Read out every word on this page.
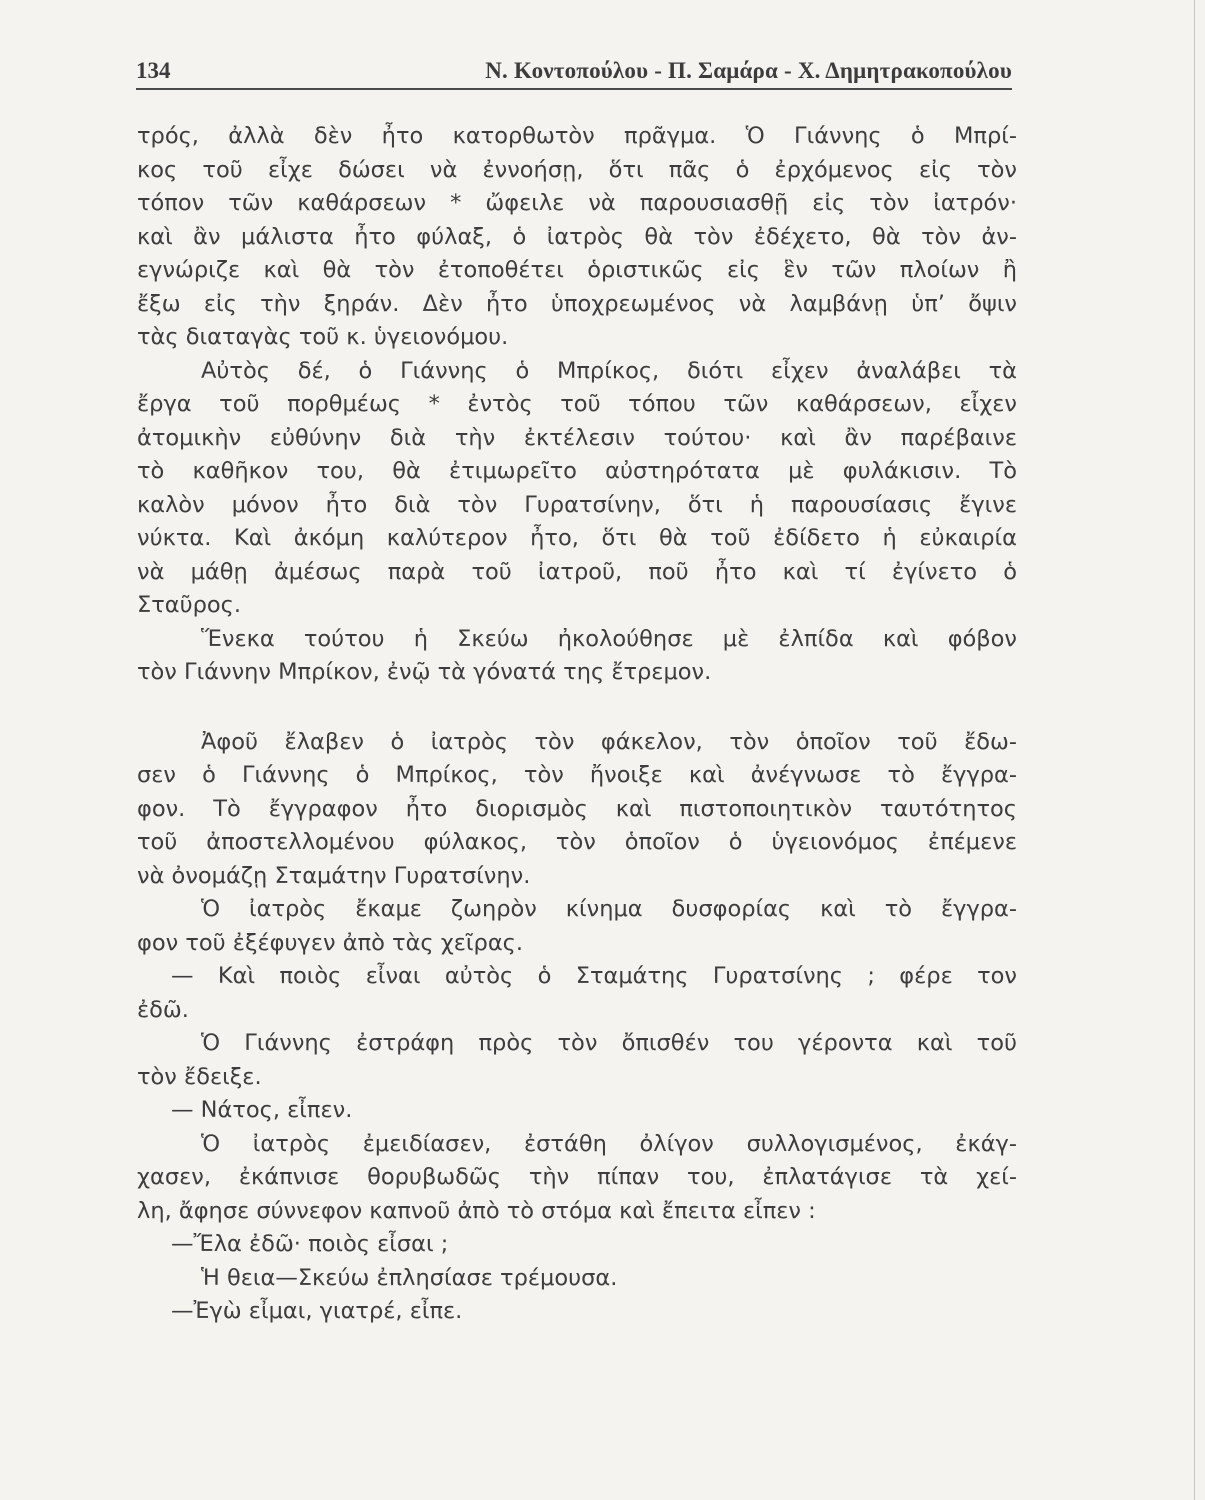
134	Ν. Κοντοπούλου - Π. Σαμάρα - Χ. Δημητρακοπούλου
τρός, ἀλλὰ δὲν ἦτο κατορθωτὸν πρᾶγμα. Ὁ Γιάννης ὁ Μπρί-
κος τοῦ εἶχε δώσει νὰ ἐννοήσῃ, ὅτι πᾶς ὁ ἐρχόμενος εἰς τὸν
τόπον τῶν καθάρσεων * ὤφειλε νὰ παρουσιασθῇ εἰς τὸν ἰατρόν·
καὶ ἂν μάλιστα ἦτο φύλαξ, ὁ ἰατρὸς θὰ τὸν ἐδέχετο, θὰ τὸν ἀν-
εγνώριζε καὶ θὰ τὸν ἐτοποθέτει ὁριστικῶς εἰς ἓν τῶν πλοίων ἢ
ἔξω εἰς τὴν ξηράν. Δὲν ἦτο ὑποχρεωμένος νὰ λαμβάνῃ ὑπ’ ὄψιν
τὰς διαταγὰς τοῦ κ. ὑγειονόμου.
Αὐτὸς δέ, ὁ Γιάννης ὁ Μπρίκος, διότι εἶχεν ἀναλάβει τὰ
ἔργα τοῦ πορθμέως * ἐντὸς τοῦ τόπου τῶν καθάρσεων, εἶχεν
ἀτομικὴν εὐθύνην διὰ τὴν ἐκτέλεσιν τούτου· καὶ ἂν παρέβαινε
τὸ καθῆκον του, θὰ ἐτιμωρεῖτο αὐστηρότατα μὲ φυλάκισιν. Τὸ
καλὸν μόνον ἦτο διὰ τὸν Γυρατσίνην, ὅτι ἡ παρουσίασις ἔγινε
νύκτα. Καὶ ἀκόμη καλύτερον ἦτο, ὅτι θὰ τοῦ ἐδίδετο ἡ εὐκαιρία
νὰ μάθῃ ἀμέσως παρὰ τοῦ ἰατροῦ, ποῦ ἦτο καὶ τί ἐγίνετο ὁ
Σταῦρος.
Ἕνεκα τούτου ἡ Σκεύω ἠκολούθησε μὲ ἐλπίδα καὶ φόβον
τὸν Γιάννην Μπρίκον, ἐνῷ τὰ γόνατά της ἔτρεμον.
Ἀφοῦ ἔλαβεν ὁ ἰατρὸς τὸν φάκελον, τὸν ὁποῖον τοῦ ἔδω-
σεν ὁ Γιάννης ὁ Μπρίκος, τὸν ἤνοιξε καὶ ἀνέγνωσε τὸ ἔγγρα-
φον. Τὸ ἔγγραφον ἦτο διορισμὸς καὶ πιστοποιητικὸν ταυτότητος
τοῦ ἀποστελλομένου φύλακος, τὸν ὁποῖον ὁ ὑγειονόμος ἐπέμενε
νὰ ὀνομάζῃ Σταμάτην Γυρατσίνην.
Ὁ ἰατρὸς ἔκαμε ζωηρὸν κίνημα δυσφορίας καὶ τὸ ἔγγρα-
φον τοῦ ἐξέφυγεν ἀπὸ τὰς χεῖρας.
— Καὶ ποιὸς εἶναι αὐτὸς ὁ Σταμάτης Γυρατσίνης ; φέρε τον
ἐδῶ.
Ὁ Γιάννης ἐστράφη πρὸς τὸν ὄπισθέν του γέροντα καὶ τοῦ
τὸν ἔδειξε.
— Νάτος, εἶπεν.
Ὁ ἰατρὸς ἐμειδίασεν, ἐστάθη ὀλίγον συλλογισμένος, ἐκάγ-
χασεν, ἐκάπνισε θορυβωδῶς τὴν πίπαν του, ἐπλατάγισε τὰ χεί-
λη, ἄφησε σύννεφον καπνοῦ ἀπὸ τὸ στόμα καὶ ἔπειτα εἶπεν :
—Ἔλα ἐδῶ· ποιὸς εἶσαι ;
Ἡ θεια—Σκεύω ἐπλησίασε τρέμουσα.
—Ἐγὼ εἶμαι, γιατρέ, εἶπε.
